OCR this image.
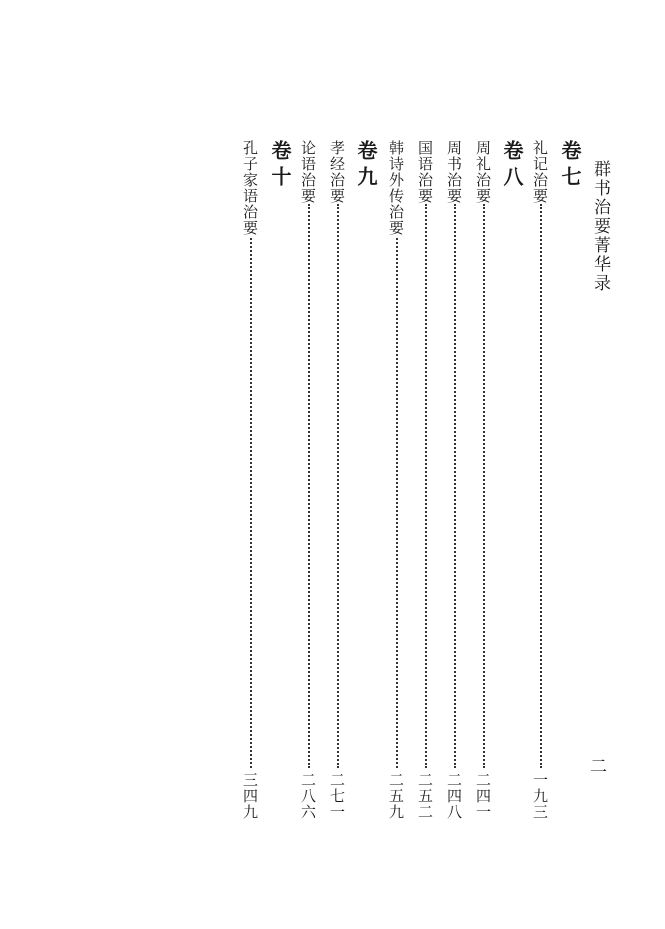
群书治要菁华录
二
卷七
卷八
卷九
卷十	礼记治要
一九三
周礼治要
二四一
周书治要
二四八
国语治要
二五二
韩诗外传治要
二五九
孝经治要
二七一
论语治要
二八六
孔子家语治要
三四九
